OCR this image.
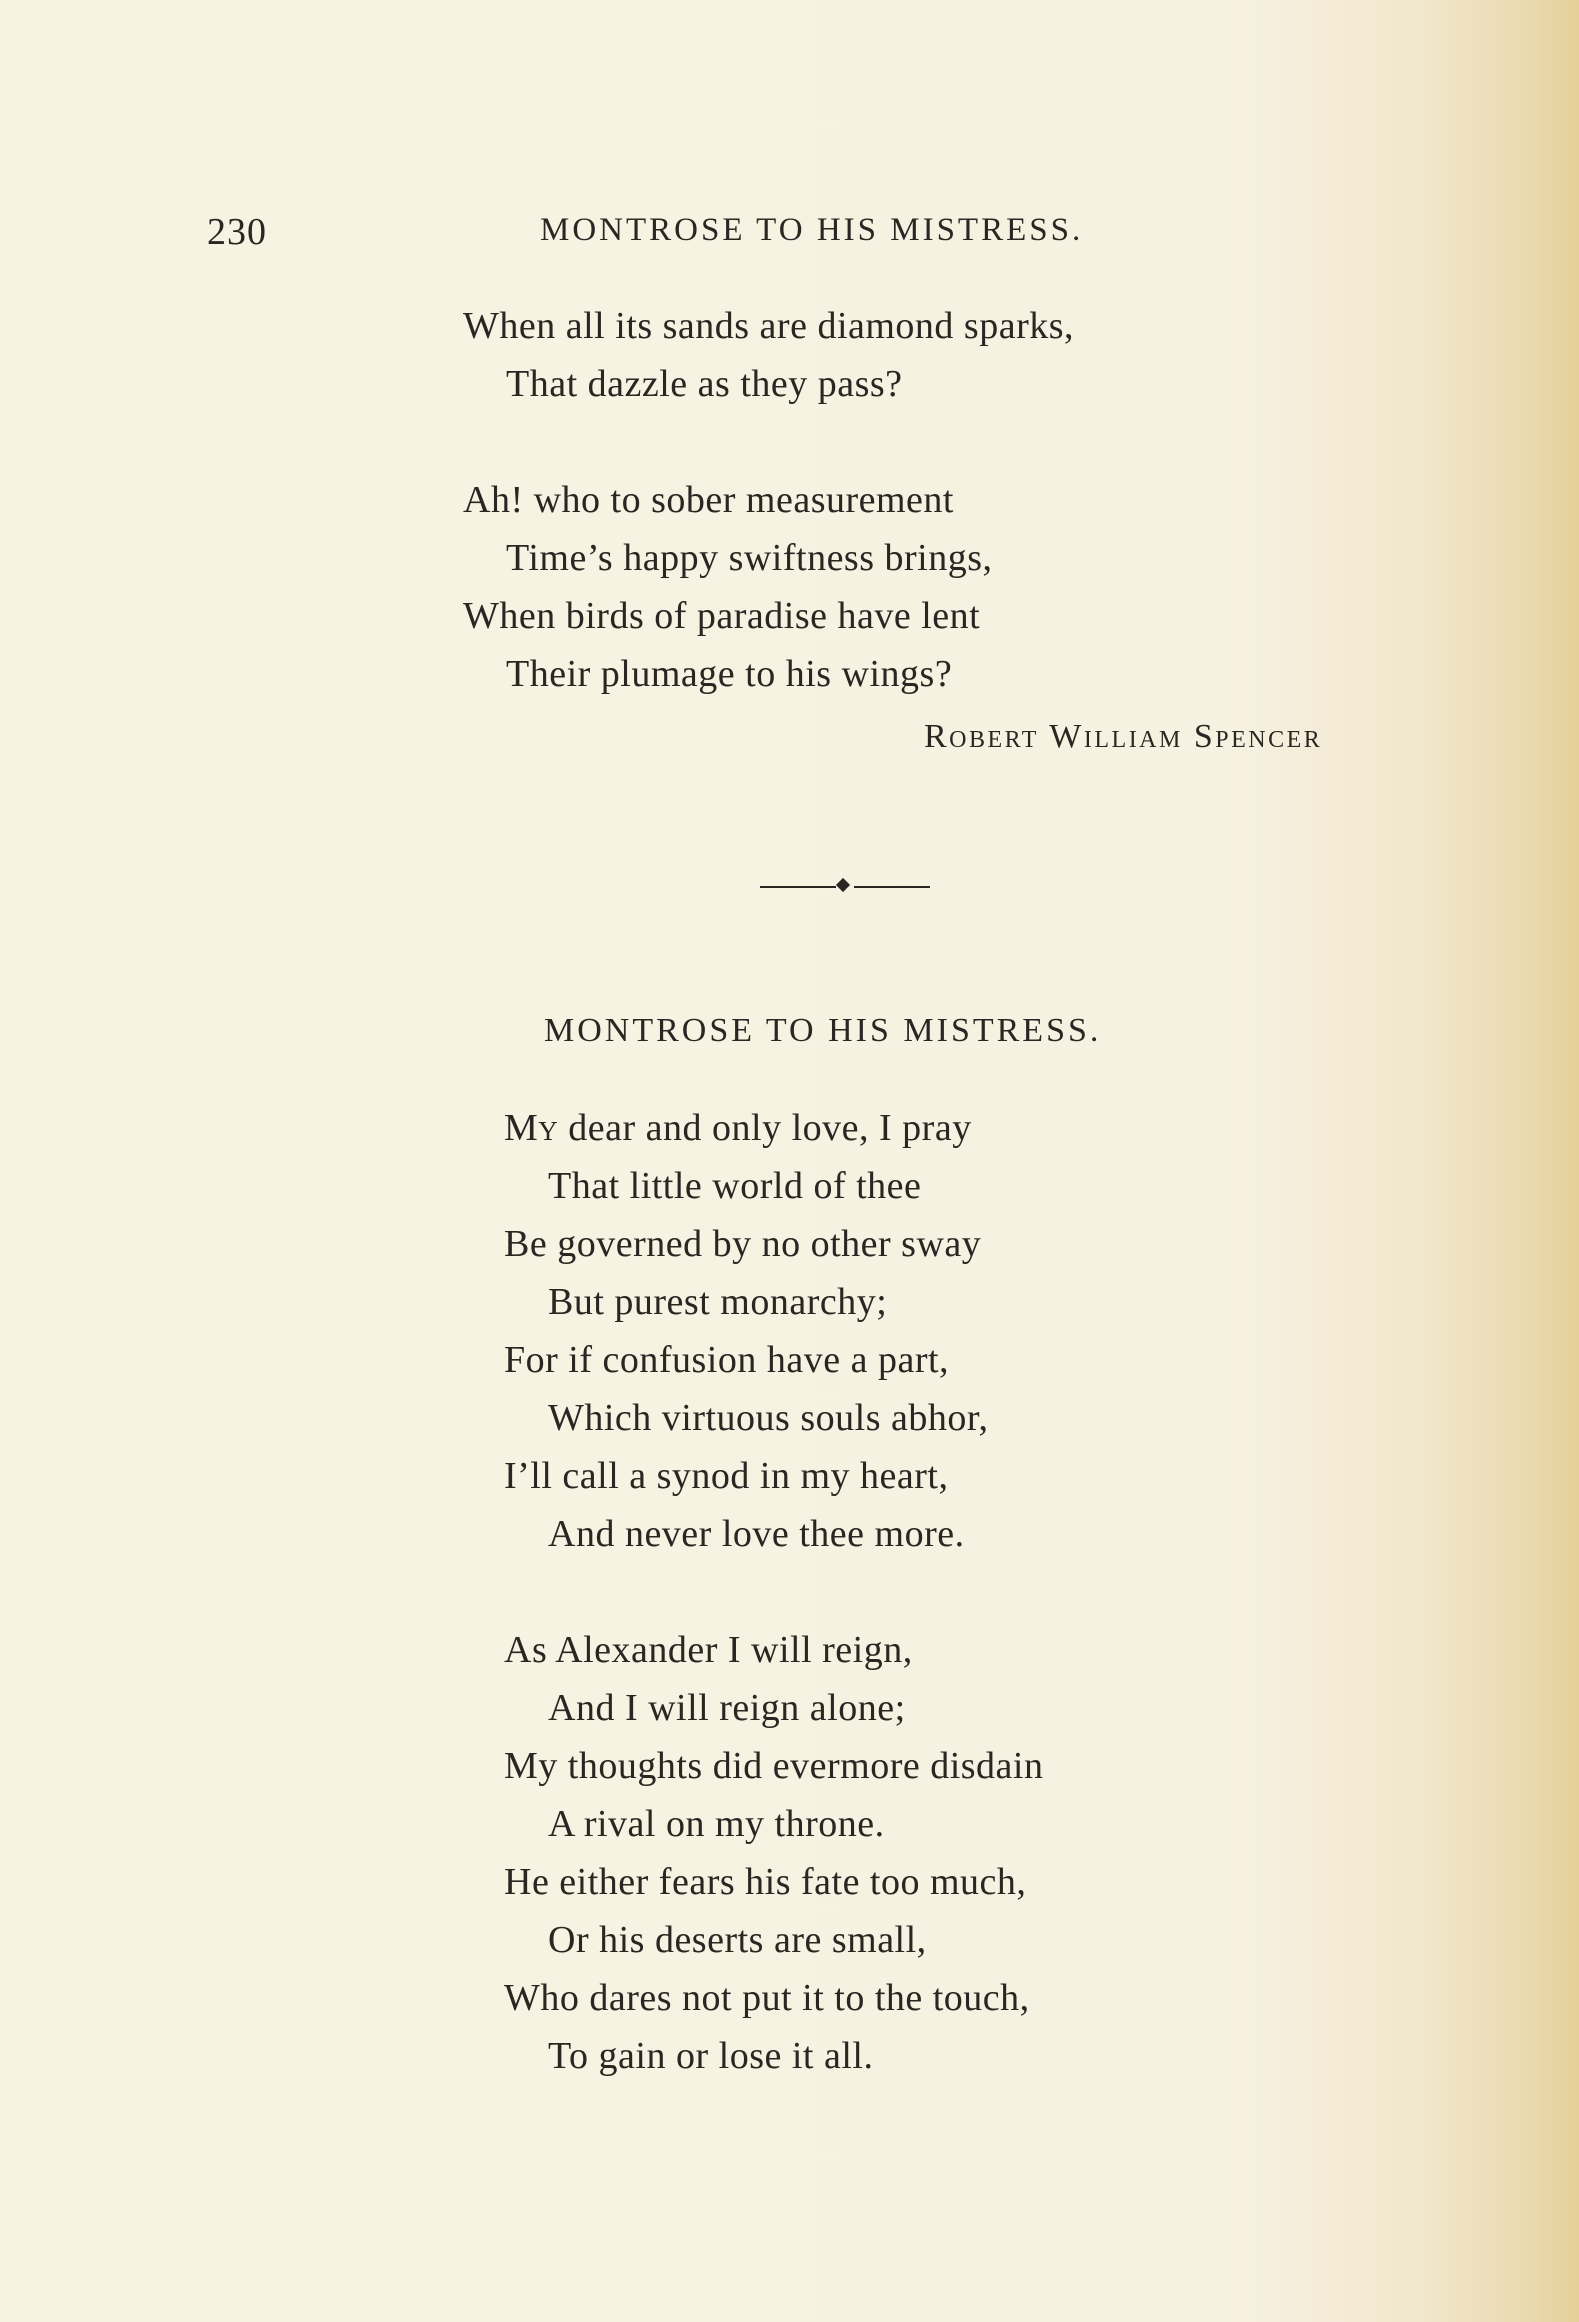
230	MONTROSE TO HIS MISTRESS.
When all its sands are diamond sparks,
That dazzle as they pass?
Ah! who to sober measurement
Time’s happy swiftness brings,
When birds of paradise have lent
Their plumage to his wings?
Robert William Spencer
MONTROSE TO HIS MISTRESS.
My dear and only love, I pray
That little world of thee
Be governed by no other sway
But purest monarchy;
For if confusion have a part,
Which virtuous souls abhor,
I’ll call a synod in my heart,
And never love thee more.
As Alexander I will reign,
And I will reign alone;
My thoughts did evermore disdain
A rival on my throne.
He either fears his fate too much,
Or his deserts are small,
Who dares not put it to the touch,
To gain or lose it all.
